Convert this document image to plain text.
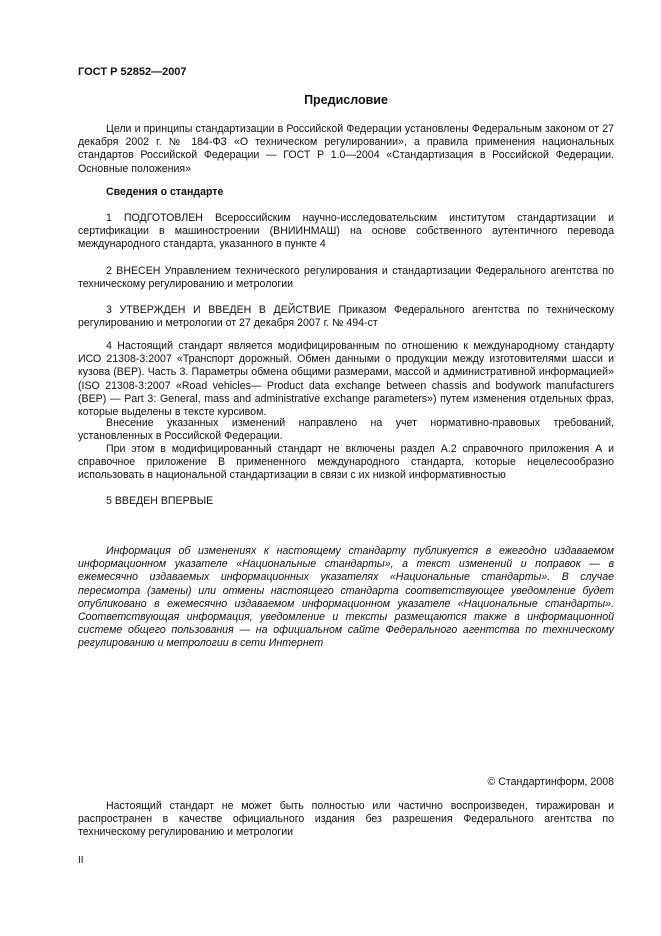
ГОСТ Р 52852—2007
Предисловие

Цели и принципы стандартизации в Российской Федерации установлены Федеральным законом от 27 декабря 2002 г. № 184-ФЗ «О техническом регулировании», а правила применения национальных стандартов Российской Федерации — ГОСТ Р 1.0—2004 «Стандартизация в Российской Федерации. Основные положения»

Сведения о стандарте

1 ПОДГОТОВЛЕН Всероссийским научно-исследовательским институтом стандартизации и сертификации в машиностроении (ВНИИНМАШ) на основе собственного аутентичного перевода международного стандарта, указанного в пункте 4

2 ВНЕСЕН Управлением технического регулирования и стандартизации Федерального агентства по техническому регулированию и метрологии

3 УТВЕРЖДЕН И ВВЕДЕН В ДЕЙСТВИЕ Приказом Федерального агентства по техническому регулированию и метрологии от 27 декабря 2007 г. № 494-ст

4 Настоящий стандарт является модифицированным по отношению к международному стандарту ИСО 21308-3:2007 «Транспорт дорожный. Обмен данными о продукции между изготовителями шасси и кузова (BEP). Часть 3. Параметры обмена общими размерами, массой и административной информацией» (ISO 21308-3:2007 «Road vehicles— Product data exchange between chassis and bodywork manufacturers (BEP) — Part 3: General, mass and administrative exchange parameters») путем изменения отдельных фраз, которые выделены в тексте курсивом.

Внесение указанных изменений направлено на учет нормативно-правовых требований, установленных в Российской Федерации.

При этом в модифицированный стандарт не включены раздел А.2 справочного приложения А и справочное приложение В примененного международного стандарта, которые нецелесообразно использовать в национальной стандартизации в связи с их низкой информативностью

5 ВВЕДЕН ВПЕРВЫЕ

Информация об изменениях к настоящему стандарту публикуется в ежегодно издаваемом информационном указателе «Национальные стандарты», а текст изменений и поправок — в ежемесячно издаваемых информационных указателях «Национальные стандарты». В случае пересмотра (замены) или отмены настоящего стандарта соответствующее уведомление будет опубликовано в ежемесячно издаваемом информационном указателе «Национальные стандарты». Соответствующая информация, уведомление и тексты размещаются также в информационной системе общего пользования — на официальном сайте Федерального агентства по техническому регулированию и метрологии в сети Интернет

© Стандартинформ, 2008

Настоящий стандарт не может быть полностью или частично воспроизведен, тиражирован и распространен в качестве официального издания без разрешения Федерального агентства по техническому регулированию и метрологии

II
